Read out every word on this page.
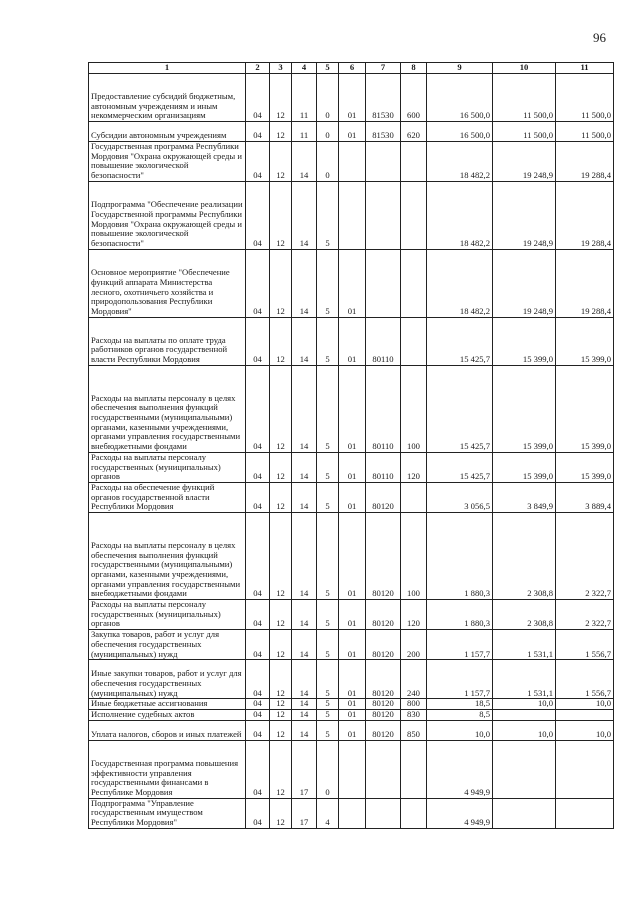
96
1	2	3	4	5	6	7	8	9	10	11
Предоставление субсидий бюджетным, автономным учреждениям и иным некоммерческим организациям	04	12	11	0	01	81530	600	16 500,0	11 500,0	11 500,0
Субсидии автономным учреждениям	04	12	11	0	01	81530	620	16 500,0	11 500,0	11 500,0
Государственная программа Республики Мордовия "Охрана окружающей среды и повышение экологической безопасности"	04	12	14	0				18 482,2	19 248,9	19 288,4
Подпрограмма "Обеспечение реализации Государственной программы Республики Мордовия "Охрана окружающей среды и повышение экологической безопасности"	04	12	14	5				18 482,2	19 248,9	19 288,4
Основное мероприятие "Обеспечение функций аппарата Министерства лесного, охотничьего хозяйства и природопользования Республики Мордовия"	04	12	14	5	01			18 482,2	19 248,9	19 288,4
Расходы на выплаты по оплате труда работников органов государственной власти Республики Мордовия	04	12	14	5	01	80110		15 425,7	15 399,0	15 399,0
Расходы на выплаты персоналу в целях обеспечения выполнения функций государственными (муниципальными) органами, казенными учреждениями, органами управления государственными внебюджетными фондами	04	12	14	5	01	80110	100	15 425,7	15 399,0	15 399,0
Расходы на выплаты персоналу государственных (муниципальных) органов	04	12	14	5	01	80110	120	15 425,7	15 399,0	15 399,0
Расходы на обеспечение функций органов государственной власти Республики Мордовия	04	12	14	5	01	80120		3 056,5	3 849,9	3 889,4
Расходы на выплаты персоналу в целях обеспечения выполнения функций государственными (муниципальными) органами, казенными учреждениями, органами управления государственными внебюджетными фондами	04	12	14	5	01	80120	100	1 880,3	2 308,8	2 322,7
Расходы на выплаты персоналу государственных (муниципальных) органов	04	12	14	5	01	80120	120	1 880,3	2 308,8	2 322,7
Закупка товаров, работ и услуг для обеспечения государственных (муниципальных) нужд	04	12	14	5	01	80120	200	1 157,7	1 531,1	1 556,7
Иные закупки товаров, работ и услуг для обеспечения государственных (муниципальных) нужд	04	12	14	5	01	80120	240	1 157,7	1 531,1	1 556,7
Иные бюджетные ассигнования	04	12	14	5	01	80120	800	18,5	10,0	10,0
Исполнение судебных актов	04	12	14	5	01	80120	830	8,5		
Уплата налогов, сборов и иных платежей	04	12	14	5	01	80120	850	10,0	10,0	10,0
Государственная программа повышения эффективности управления государственными финансами в Республике Мордовия	04	12	17	0				4 949,9		
Подпрограмма "Управление государственным имуществом Республики Мордовия"	04	12	17	4				4 949,9		
